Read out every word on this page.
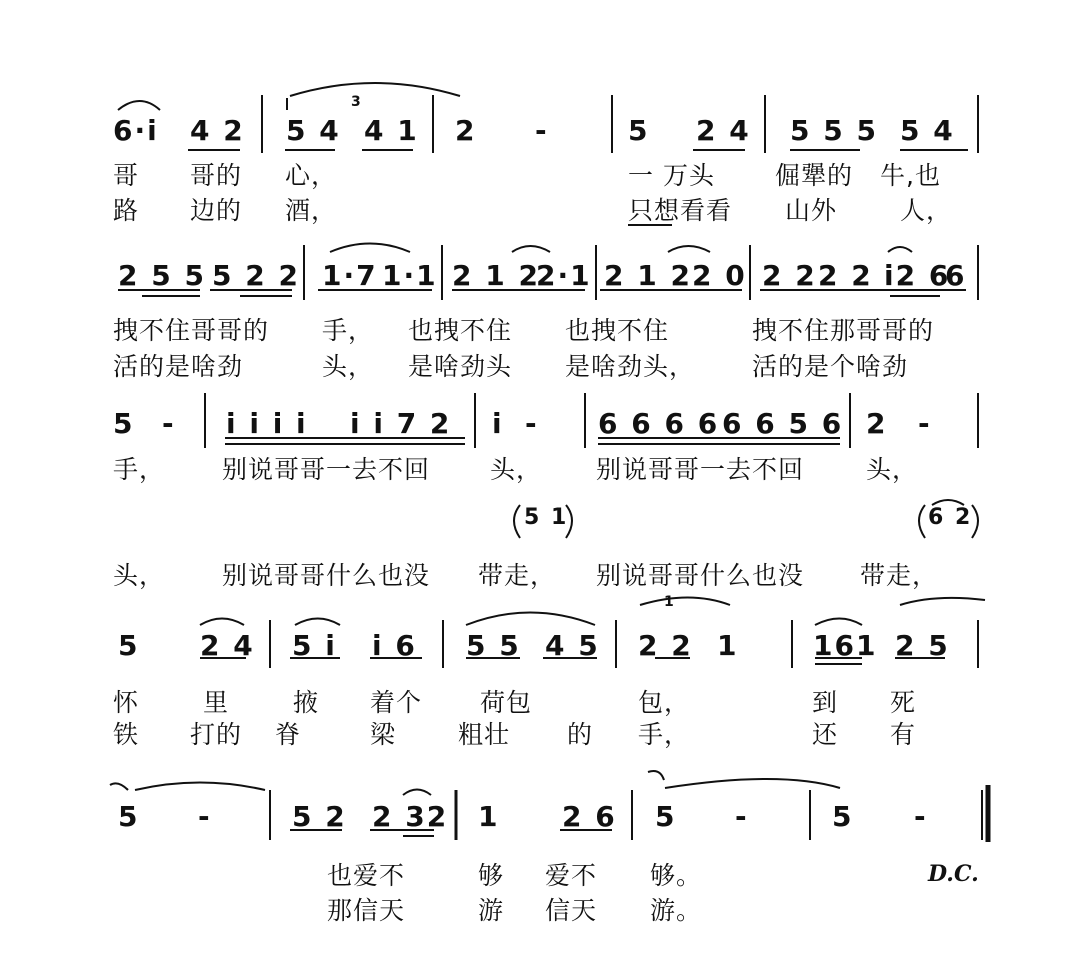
6·i 4 2 5 4
3
4 1 2 -	5 2 4 5 5 5 5 4
哥 哥的 心，	一 万头 倔犟的 牛,也
路 边的 酒，	只想看看 山外	人，
2 5 5 5 2 2 1·7 1·1 2 1 2
2·1 2 1 2 2 0 2 2 2 2 i2 6
6
拽不住哥哥的 手， 也拽不住 也拽不住	拽不住那哥哥的
活的是啥劲	头， 是啥劲头 是啥劲头， 活的是个啥劲
5 - i i i i i i 7 2 i - 6 6 6 6 6 6 5 6 2 -
手， 别说哥哥一去不回 头， 别说哥哥一去不回 头，
5 1	6 2
头， 别说哥哥什么也没 带走， 别说哥哥什么也没 带走，
5 2 4 5 i i 6 5 5 4 5
1
2 2 1	161 2 5
怀	里	掖 着个 荷包	包，	到 死
铁 打的 脊	梁 粗壮 的 手，	还 有
5 -	5 2 2 32 1 2 6 5 -	5 -
也爱不	够 爱不 够。
那信天	游 信天 游。
D.C.
